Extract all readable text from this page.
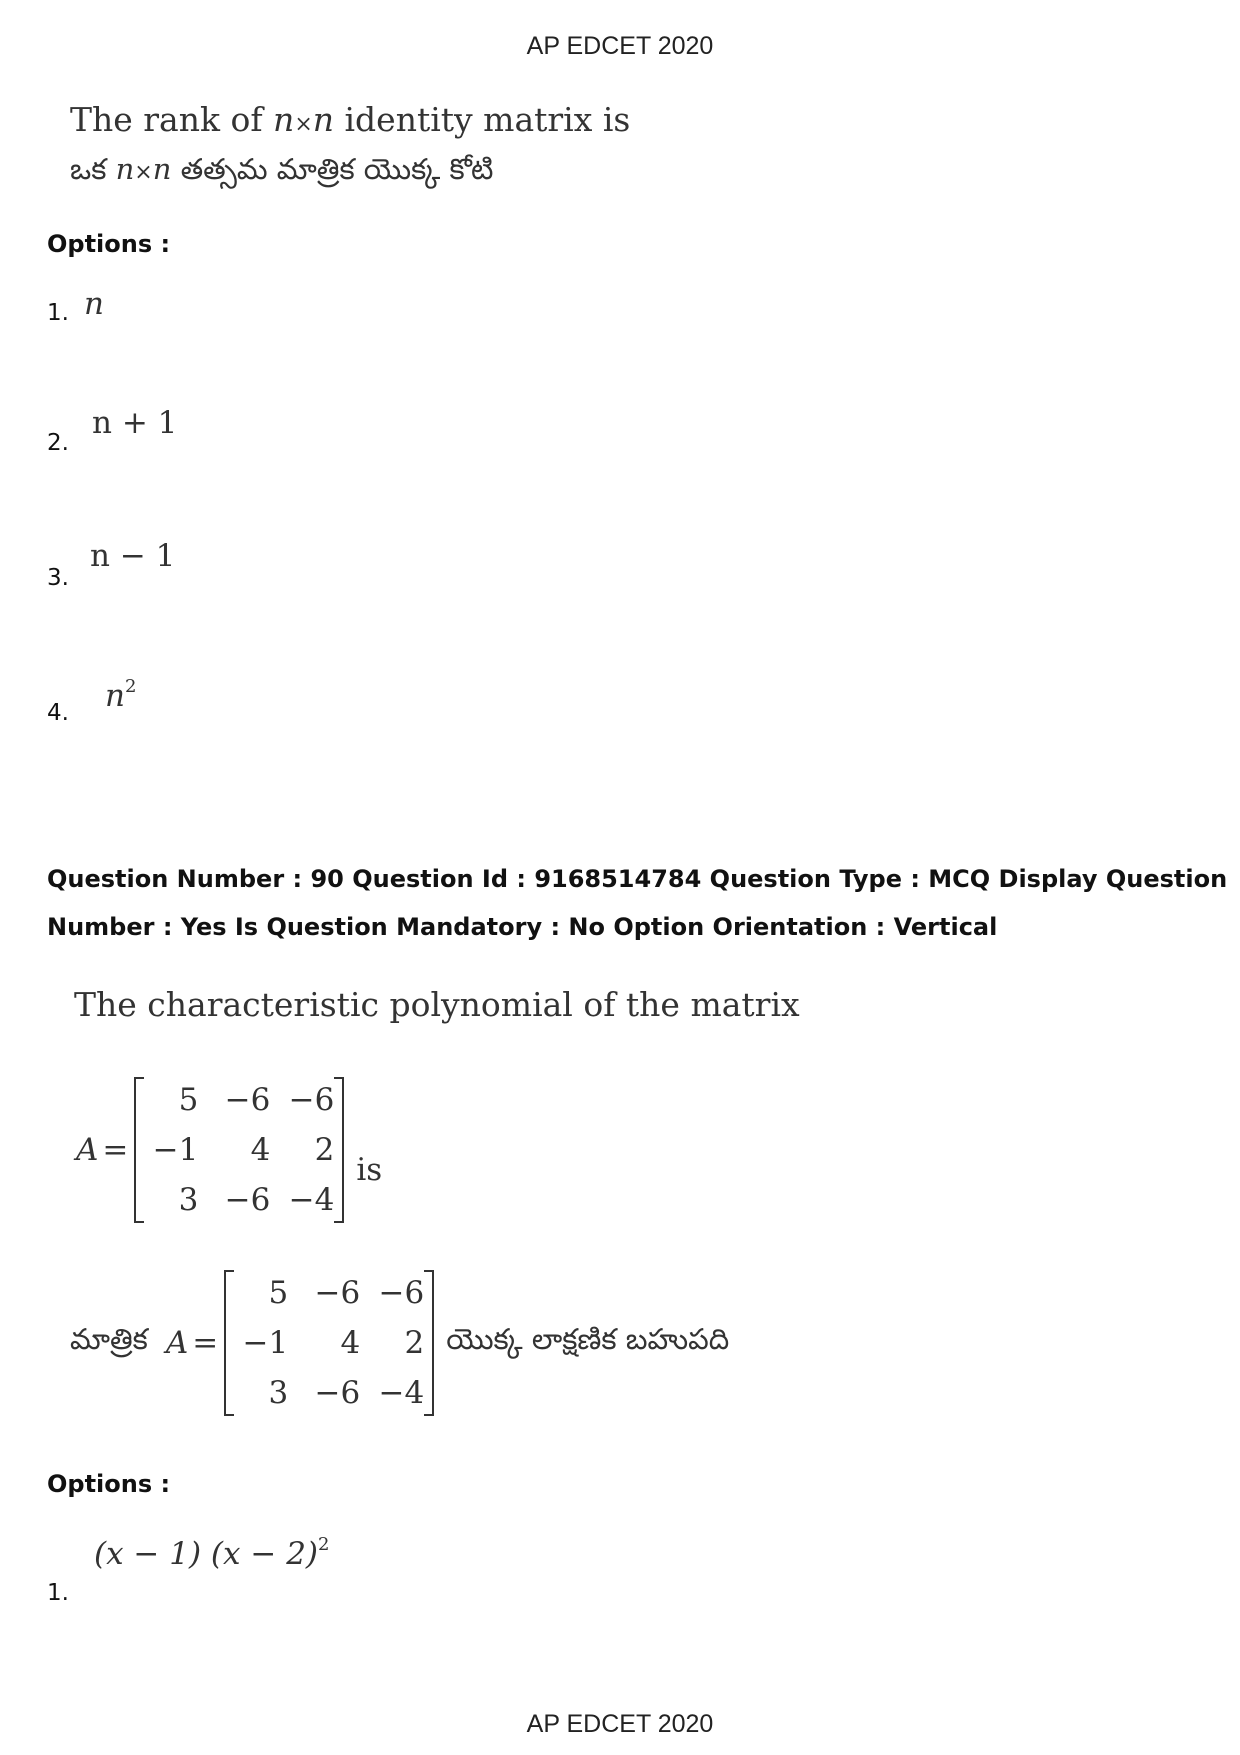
AP EDCET 2020
The rank of n×n identity matrix is
ఒక n×n తత్సమ మాత్రిక యొక్క కోటి
Options :
1. n
2.
n + 1
3.
n − 1
4. $n^2$
Question Number : 90 Question Id : 9168514784 Question Type : MCQ Display Question
Number : Yes Is Question Mandatory : No Option Orientation : Vertical
The characteristic polynomial of the matrix
A =
5 −6 −6
−1	4	2
3 −6 −4
is
మాత్రిక A =
5 −6 −6
−1	4	2
3 −6 −4
యొక్క లాక్షణిక బహుపది
Options :
(x − 1) $(x - 2)^2$
1.
AP EDCET 2020
